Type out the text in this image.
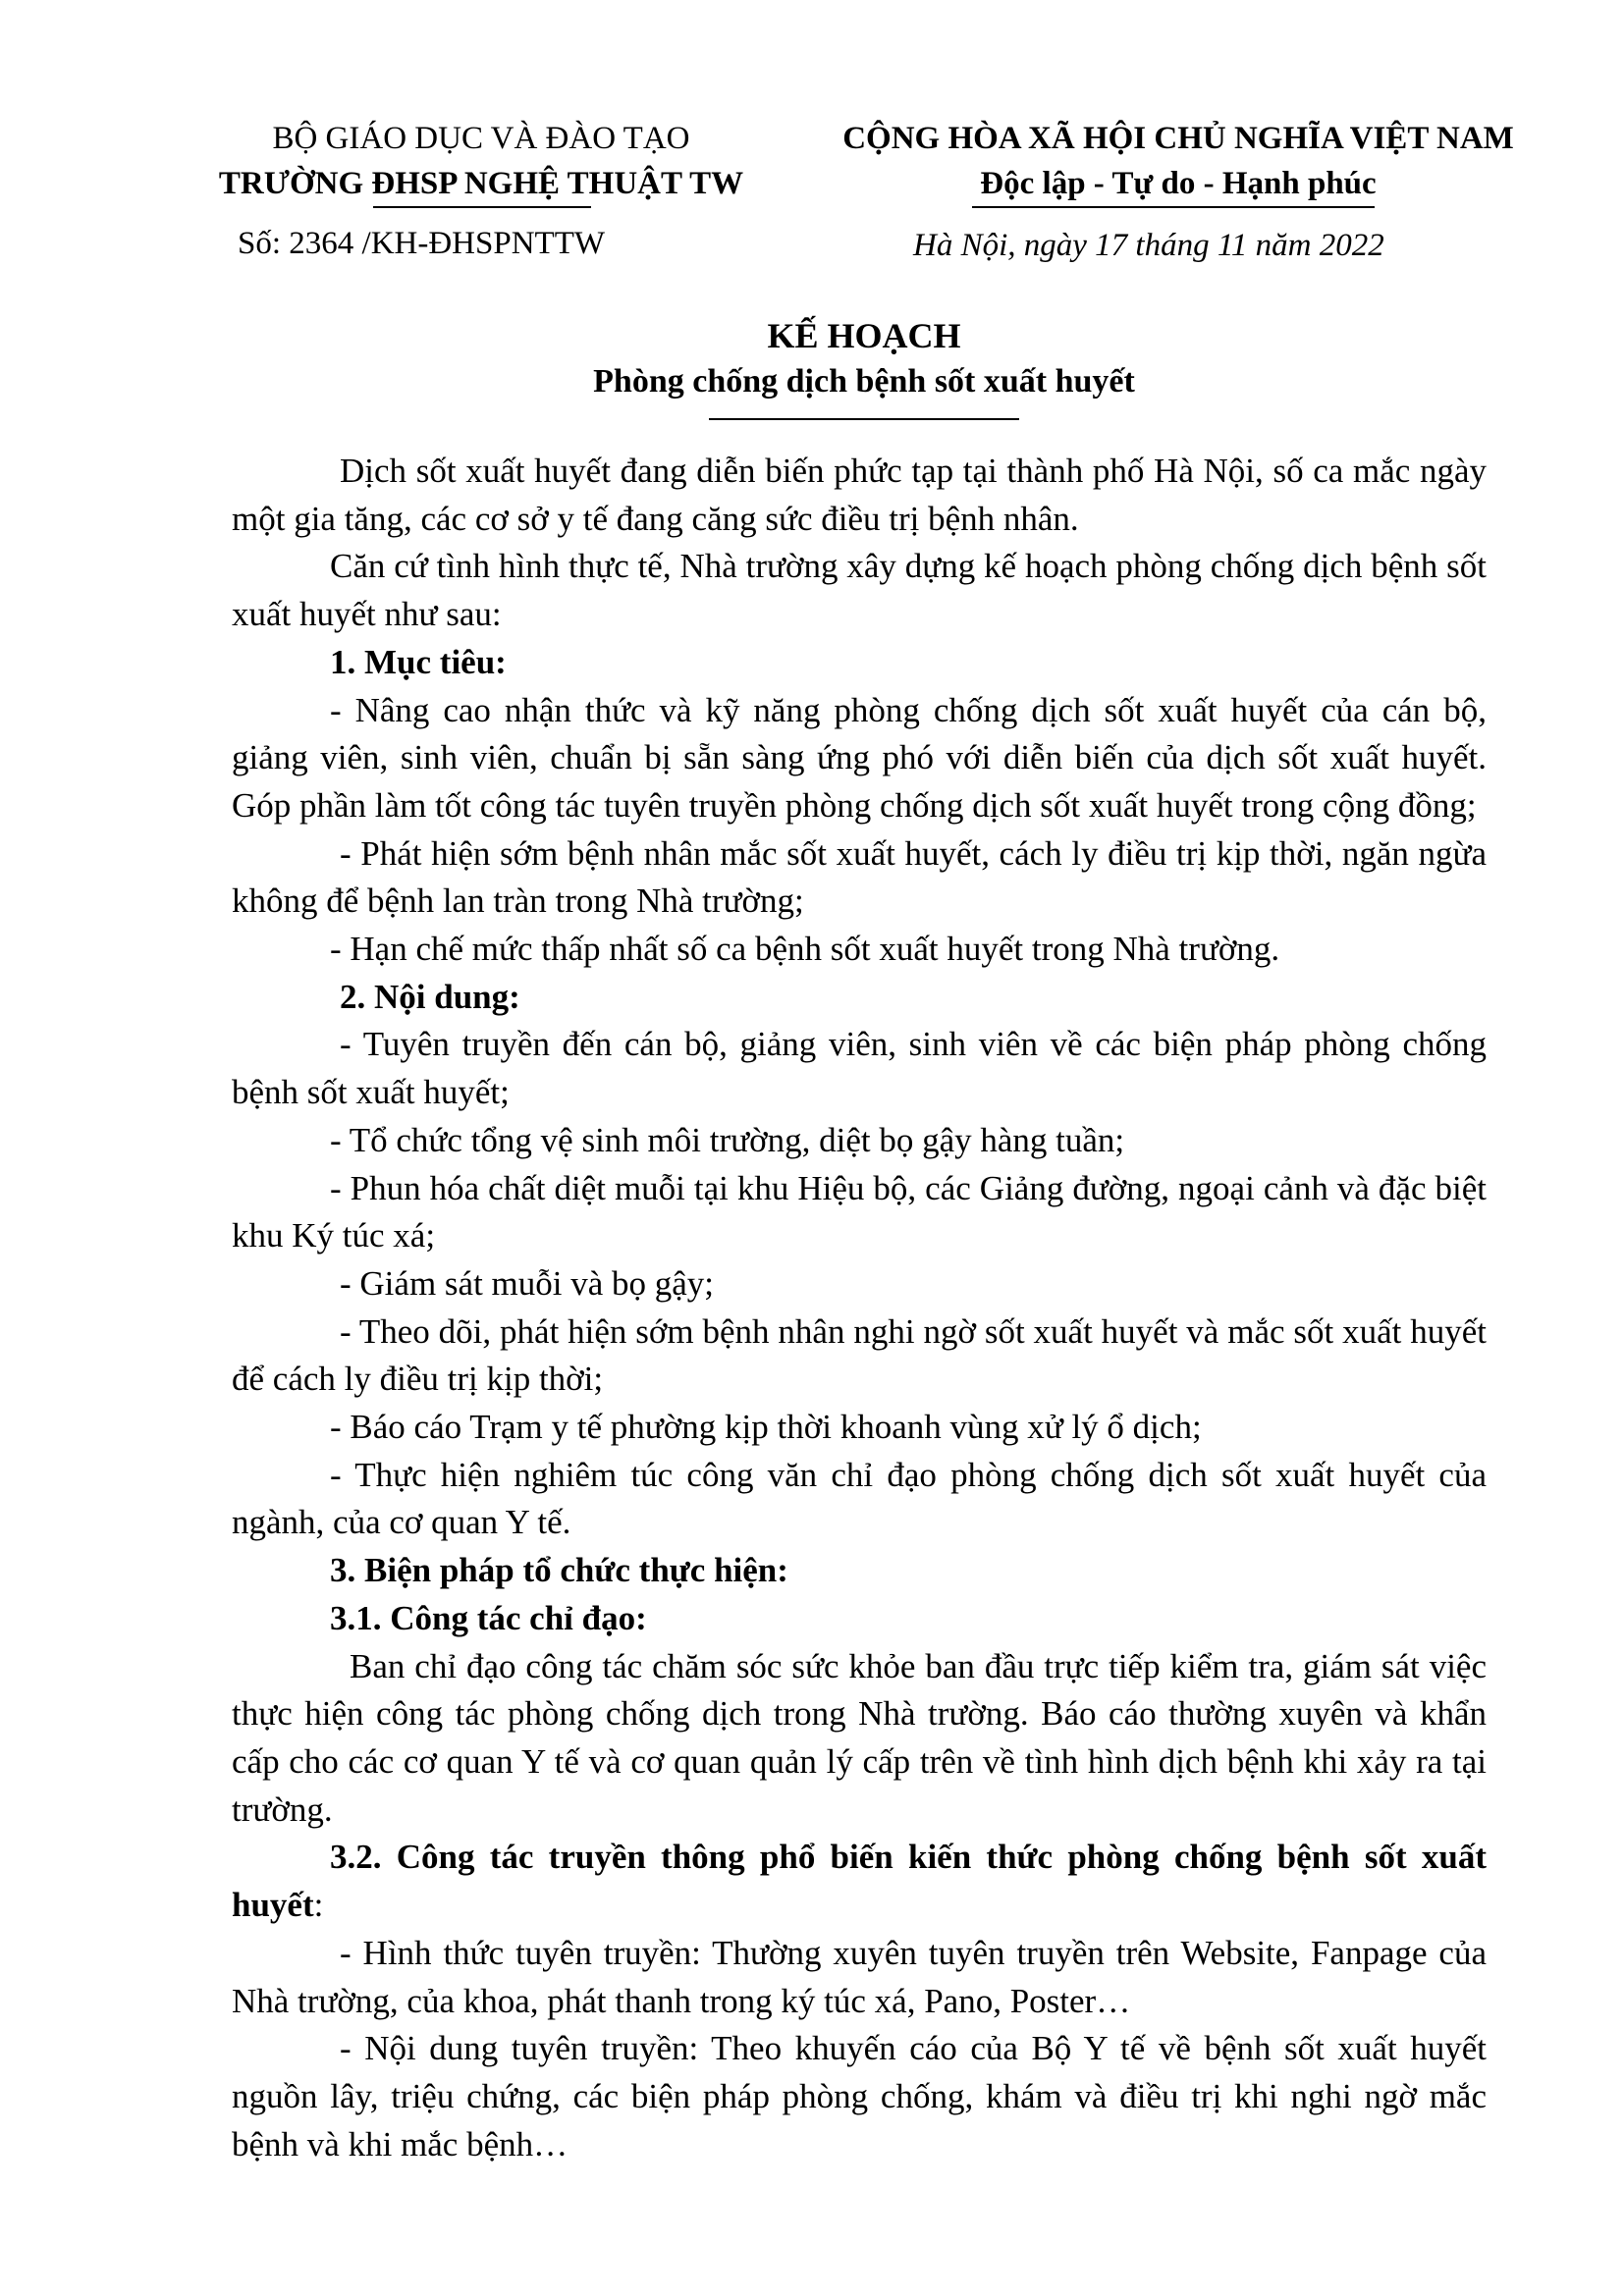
BỘ GIÁO DỤC VÀ ĐÀO TẠO
TRƯỜNG ĐHSP NGHỆ THUẬT TW
CỘNG HÒA XÃ HỘI CHỦ NGHĨA VIỆT NAM
Độc lập - Tự do - Hạnh phúc
Số: 2364 /KH-ĐHSPNTTW	Hà Nội, ngày 17 tháng 11 năm 2022
KẾ HOẠCH
Phòng chống dịch bệnh sốt xuất huyết

Dịch sốt xuất huyết đang diễn biến phức tạp tại thành phố Hà Nội, số ca mắc ngày một gia tăng, các cơ sở y tế đang căng sức điều trị bệnh nhân.

Căn cứ tình hình thực tế, Nhà trường xây dựng kế hoạch phòng chống dịch bệnh sốt xuất huyết như sau:

1. Mục tiêu:

- Nâng cao nhận thức và kỹ năng phòng chống dịch sốt xuất huyết của cán bộ, giảng viên, sinh viên, chuẩn bị sẵn sàng ứng phó với diễn biến của dịch sốt xuất huyết. Góp phần làm tốt công tác tuyên truyền phòng chống dịch sốt xuất huyết trong cộng đồng;

- Phát hiện sớm bệnh nhân mắc sốt xuất huyết, cách ly điều trị kịp thời, ngăn ngừa không để bệnh lan tràn trong Nhà trường;

- Hạn chế mức thấp nhất số ca bệnh sốt xuất huyết trong Nhà trường.

2. Nội dung:

- Tuyên truyền đến cán bộ, giảng viên, sinh viên về các biện pháp phòng chống bệnh sốt xuất huyết;

- Tổ chức tổng vệ sinh môi trường, diệt bọ gậy hàng tuần;

- Phun hóa chất diệt muỗi tại khu Hiệu bộ, các Giảng đường, ngoại cảnh và đặc biệt khu Ký túc xá;

- Giám sát muỗi và bọ gậy;

- Theo dõi, phát hiện sớm bệnh nhân nghi ngờ sốt xuất huyết và mắc sốt xuất huyết để cách ly điều trị kịp thời;

- Báo cáo Trạm y tế phường kịp thời khoanh vùng xử lý ổ dịch;

- Thực hiện nghiêm túc công văn chỉ đạo phòng chống dịch sốt xuất huyết của ngành, của cơ quan Y tế.

3. Biện pháp tổ chức thực hiện:

3.1. Công tác chỉ đạo:

Ban chỉ đạo công tác chăm sóc sức khỏe ban đầu trực tiếp kiểm tra, giám sát việc thực hiện công tác phòng chống dịch trong Nhà trường. Báo cáo thường xuyên và khẩn cấp cho các cơ quan Y tế và cơ quan quản lý cấp trên về tình hình dịch bệnh khi xảy ra tại trường.

3.2. Công tác truyền thông phổ biến kiến thức phòng chống bệnh sốt xuất huyết:

- Hình thức tuyên truyền: Thường xuyên tuyên truyền trên Website, Fanpage của Nhà trường, của khoa, phát thanh trong ký túc xá, Pano, Poster…

- Nội dung tuyên truyền: Theo khuyến cáo của Bộ Y tế về bệnh sốt xuất huyết nguồn lây, triệu chứng, các biện pháp phòng chống, khám và điều trị khi nghi ngờ mắc bệnh và khi mắc bệnh…
